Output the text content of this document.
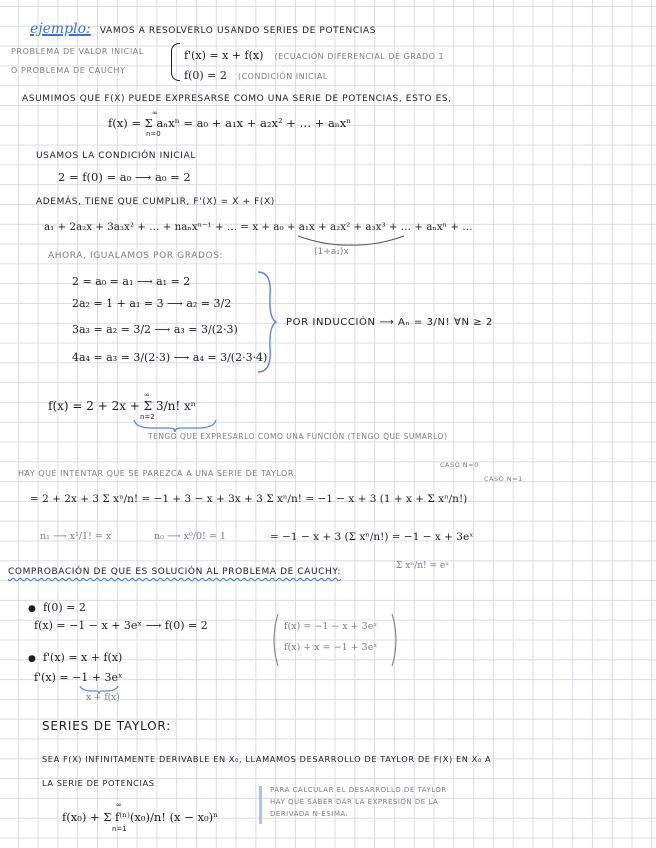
ejemplo: VAMOS A RESOLVERLO USANDO SERIES DE POTENCIAS
PROBLEMA DE VALOR INICIAL
O PROBLEMA DE CAUCHY
f'(x) = x + f(x) (ECUACIÓN DIFERENCIAL DE GRADO 1
f(0) = 2 (CONDICIÓN INICIAL
ASUMIMOS QUE F(X) PUEDE EXPRESARSE COMO UNA SERIE DE POTENCIAS, ESTO ES,
f(x) = Σ aₙxⁿ = a₀ + a₁x + a₂x² + … + aₙxⁿ
∞
n=0
USAMOS LA CONDICIÓN INICIAL
2 = f(0) = a₀ ⟶ a₀ = 2
ADEMÁS, TIENE QUE CUMPLIR, F'(X) = X + F(X)
a₁ + 2a₂x + 3a₃x² + … + naₙxⁿ⁻¹ + … = x + a₀ + a₁x + a₂x² + a₃x³ + … + aₙxⁿ + …
(1+a₁)x
AHORA, IGUALAMOS POR GRADOS:
2 = a₀ = a₁ ⟶ a₁ = 2
2a₂ = 1 + a₁ = 3 ⟶ a₂ = 3/2
3a₃ = a₂ = 3/2 ⟶ a₃ = 3/(2·3)
4a₄ = a₃ = 3/(2·3) ⟶ a₄ = 3/(2·3·4)
POR INDUCCIÓN ⟶ Aₙ = 3/N! ∀N ≥ 2
f(x) = 2 + 2x + Σ 3/n! xⁿ
∞
n=2
TENGO QUE EXPRESARLO COMO UNA FUNCIÓN (TENGO QUE SUMARLO)
HAY QUE INTENTAR QUE SE PAREZCA A UNA SERIE DE TAYLOR.
CASO N=0
CASO N=1
= 2 + 2x + 3 Σ xⁿ/n! = −1 + 3 − x + 3x + 3 Σ xⁿ/n! = −1 − x + 3 (1 + x + Σ xⁿ/n!)
n₁ ⟶ x¹/1! = x	n₀ ⟶ x⁰/0! = 1	= −1 − x + 3 (Σ xⁿ/n!) = −1 − x + 3eˣ
Σ xⁿ/n! = eˣ
COMPROBACIÓN DE QUE ES SOLUCIÓN AL PROBLEMA DE CAUCHY:
● f(0) = 2
f(x) = −1 − x + 3eˣ ⟶ f(0) = 2
● f'(x) = x + f(x)
f'(x) = −1 + 3eˣ
x + f(x)
f(x) = −1 − x + 3eˣ
f(x) + x = −1 + 3eˣ
SERIES DE TAYLOR:
SEA F(X) INFINITAMENTE DERIVABLE EN X₀, LLAMAMOS DESARROLLO DE TAYLOR DE F(X) EN X₀ A
LA SERIE DE POTENCIAS
f(x₀) + Σ f⁽ⁿ⁾(x₀)/n! (x − x₀)ⁿ
∞
n=1
PARA CALCULAR EL DESARROLLO DE TAYLOR
HAY QUE SABER DAR LA EXPRESIÓN DE LA
DERIVADA N-ÉSIMA.
